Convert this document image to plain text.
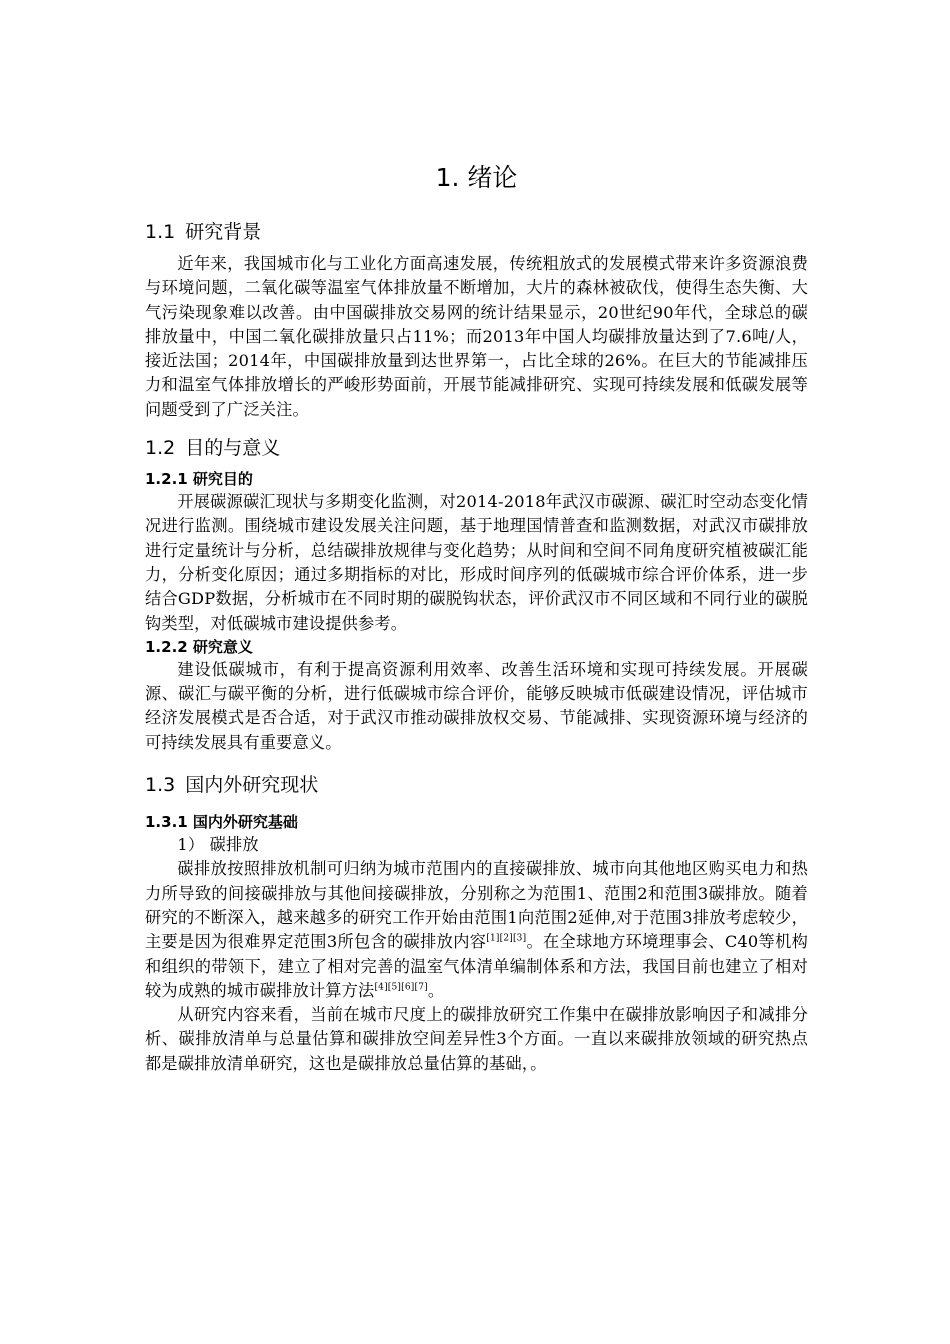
1. 绪论
1.1 研究背景

近年来，我国城市化与工业化方面高速发展，传统粗放式的发展模式带来许多资源浪费与环境问题，二氧化碳等温室气体排放量不断增加，大片的森林被砍伐，使得生态失衡、大气污染现象难以改善。由中国碳排放交易网的统计结果显示，20世纪90年代，全球总的碳排放量中，中国二氧化碳排放量只占11%；而2013年中国人均碳排放量达到了7.6吨/人，接近法国；2014年，中国碳排放量到达世界第一，占比全球的26%。在巨大的节能减排压力和温室气体排放增长的严峻形势面前，开展节能减排研究、实现可持续发展和低碳发展等问题受到了广泛关注。

1.2 目的与意义
1.2.1 研究目的

开展碳源碳汇现状与多期变化监测，对2014-2018年武汉市碳源、碳汇时空动态变化情况进行监测。围绕城市建设发展关注问题，基于地理国情普查和监测数据，对武汉市碳排放进行定量统计与分析，总结碳排放规律与变化趋势；从时间和空间不同角度研究植被碳汇能力，分析变化原因；通过多期指标的对比，形成时间序列的低碳城市综合评价体系，进一步结合GDP数据，分析城市在不同时期的碳脱钩状态，评价武汉市不同区域和不同行业的碳脱钩类型，对低碳城市建设提供参考。

1.2.2 研究意义

建设低碳城市，有利于提高资源利用效率、改善生活环境和实现可持续发展。开展碳源、碳汇与碳平衡的分析，进行低碳城市综合评价，能够反映城市低碳建设情况，评估城市经济发展模式是否合适，对于武汉市推动碳排放权交易、节能减排、实现资源环境与经济的可持续发展具有重要意义。

1.3 国内外研究现状
1.3.1 国内外研究基础

1） 碳排放

碳排放按照排放机制可归纳为城市范围内的直接碳排放、城市向其他地区购买电力和热力所导致的间接碳排放与其他间接碳排放，分别称之为范围1、范围2和范围3碳排放。随着研究的不断深入，越来越多的研究工作开始由范围1向范围2延伸,对于范围3排放考虑较少，主要是因为很难界定范围3所包含的碳排放内容[1][2][3]。在全球地方环境理事会、C40等机构和组织的带领下，建立了相对完善的温室气体清单编制体系和方法，我国目前也建立了相对较为成熟的城市碳排放计算方法[4][5][6][7]。

从研究内容来看，当前在城市尺度上的碳排放研究工作集中在碳排放影响因子和减排分析、碳排放清单与总量估算和碳排放空间差异性3个方面。一直以来碳排放领域的研究热点都是碳排放清单研究，这也是碳排放总量估算的基础，。
